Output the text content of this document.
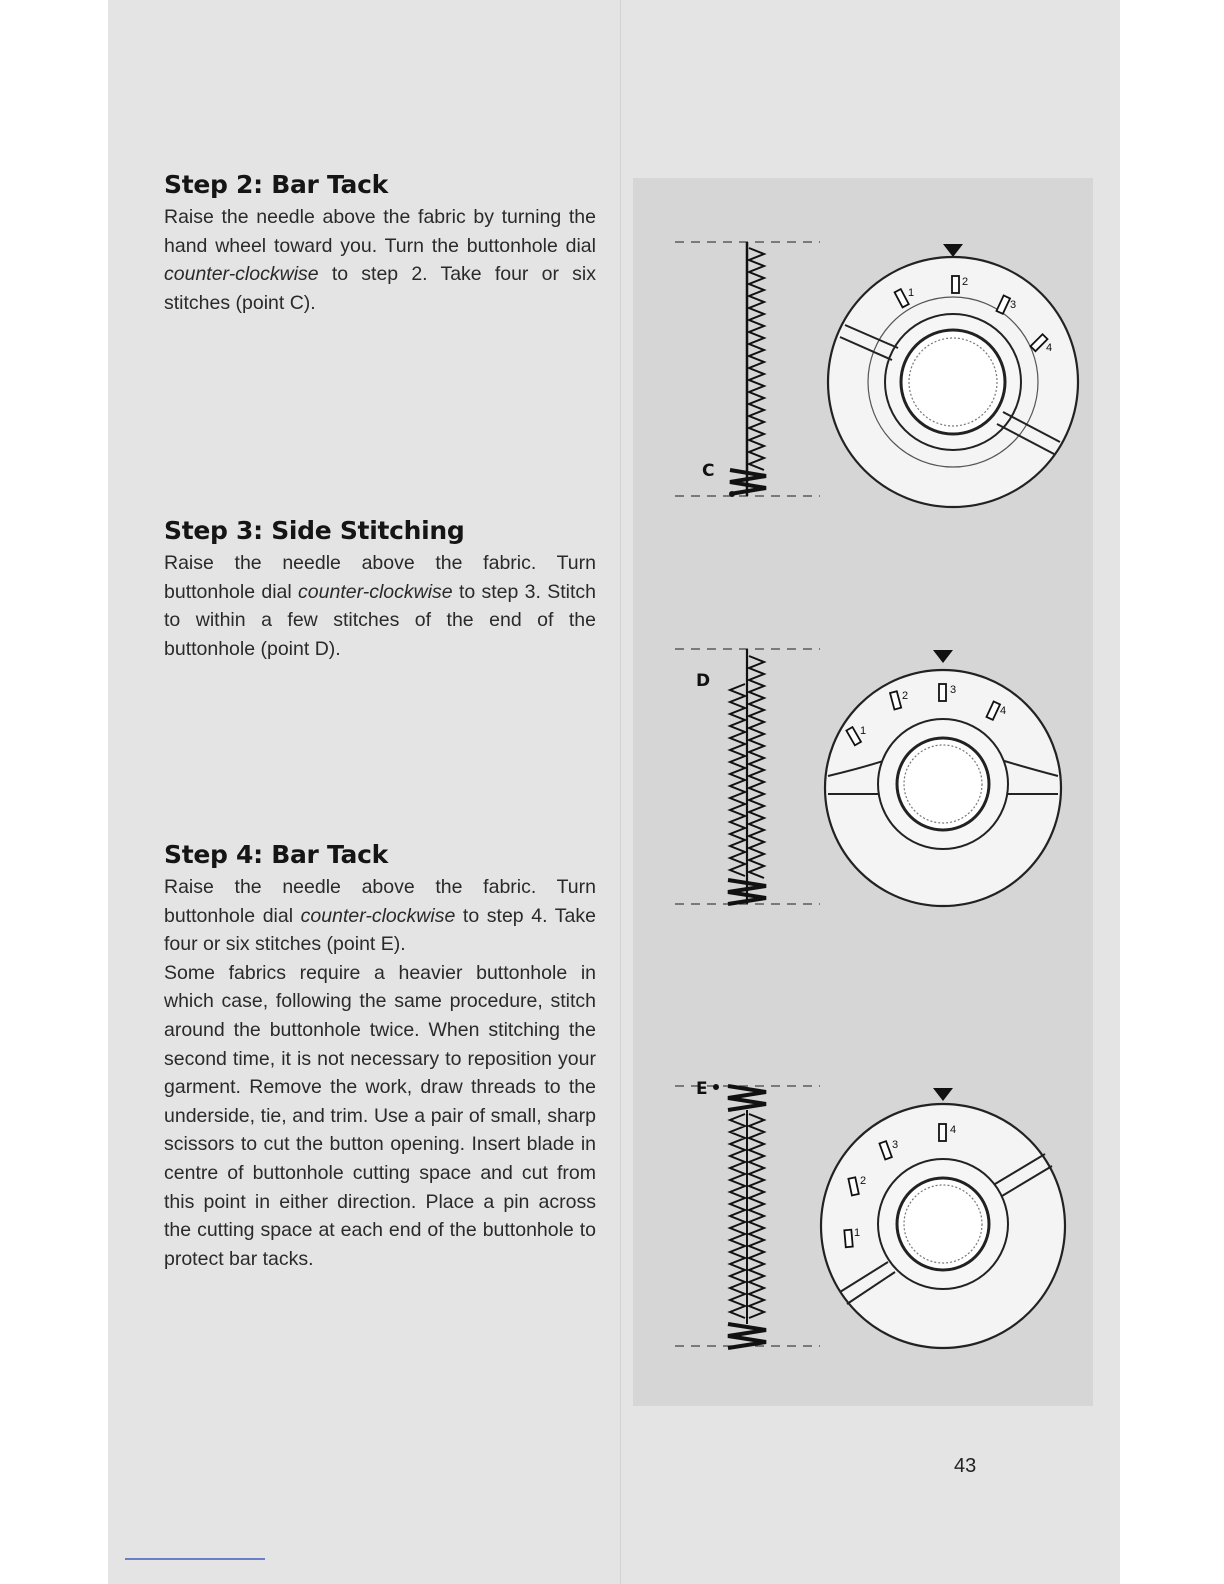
Step 2: Bar Tack

Raise the needle above the fabric by turning the hand wheel toward you. Turn the buttonhole dial counter-clockwise to step 2. Take four or six stitches (point C).

Step 3: Side Stitching

Raise the needle above the fabric. Turn buttonhole dial counter-clockwise to step 3. Stitch to within a few stitches of the end of the buttonhole (point D).

Step 4: Bar Tack

Raise the needle above the fabric. Turn buttonhole dial counter-clockwise to step 4. Take four or six stitches (point E).

Some fabrics require a heavier buttonhole in which case, following the same procedure, stitch around the buttonhole twice. When stitching the second time, it is not necessary to reposition your garment. Remove the work, draw threads to the underside, tie, and trim. Use a pair of small, sharp scissors to cut the button opening. Insert blade in centre of buttonhole cutting space and cut from this point in either direction. Place a pin across the cutting space at each end of the buttonhole to protect bar tacks.

C
1
2
3
4
D
1
2	3
4
E
1
2
3
4
43
